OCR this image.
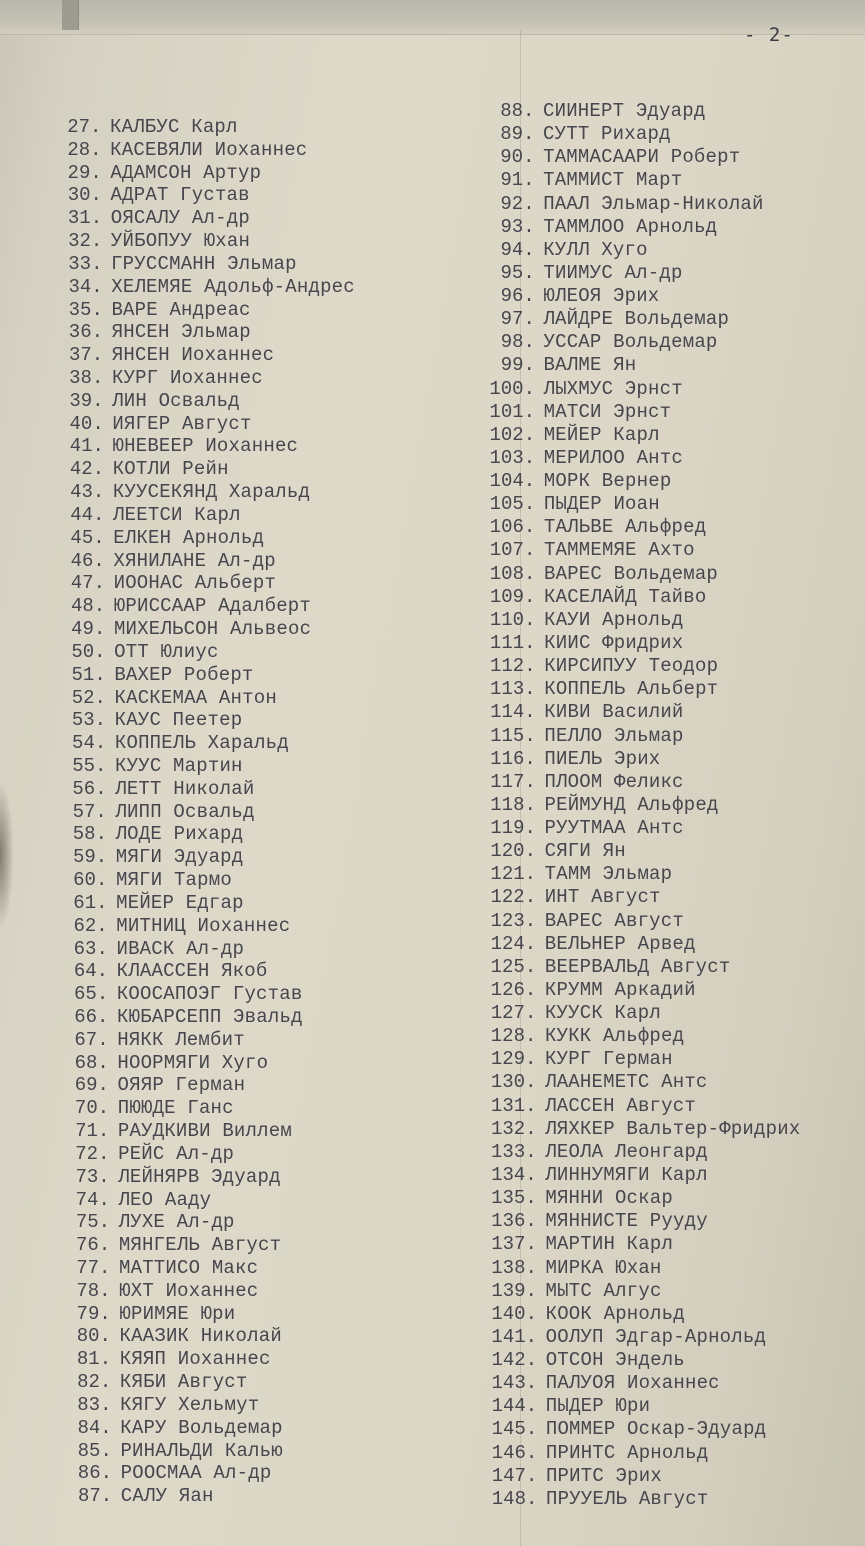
- 2-
27. КАЛБУС Карл
28. КАСЕВЯЛИ Иоханнес
29. АДАМСОН Артур
30. АДРАТ Густав
31. ОЯСАЛУ Ал-др
32. УЙБОПУУ Юхан
33. ГРУССМАНН Эльмар
34. ХЕЛЕМЯЕ Адольф-Андрес
35. ВАРЕ Андреас
36. ЯНСЕН Эльмар
37. ЯНСЕН Иоханнес
38. КУРГ Иоханнес
39. ЛИН Освальд
40. ИЯГЕР Август
41. ЮНЕВЕЕР Иоханнес
42. КОТЛИ Рейн
43. КУУСЕКЯНД Харальд
44. ЛЕЕТСИ Карл
45. ЕЛКЕН Арнольд
46. ХЯНИЛАНЕ Ал-др
47. ИООНАС Альберт
48. ЮРИССААР Адалберт
49. МИХЕЛЬСОН Альвеос
50. ОТТ Юлиус
51. ВАХЕР Роберт
52. КАСКЕМАА Антон
53. КАУС Пеетер
54. КОППЕЛЬ Харальд
55. КУУС Мартин
56. ЛЕТТ Николай
57. ЛИПП Освальд
58. ЛОДЕ Рихард
59. МЯГИ Эдуард
60. МЯГИ Тармо
61. МЕЙЕР Едгар
62. МИТНИЦ Иоханнес
63. ИВАСК Ал-др
64. КЛААССЕН Якоб
65. КООСАПОЭГ Густав
66. КЮБАРСЕПП Эвальд
67. НЯКК Лембит
68. НООРМЯГИ Хуго
69. ОЯЯР Герман
70. ПЮЮДЕ Ганс
71. РАУДКИВИ Виллем
72. РЕЙС Ал-др
73. ЛЕЙНЯРВ Эдуард
74. ЛЕО Ааду
75. ЛУХЕ Ал-др
76. МЯНГЕЛЬ Август
77. МАТТИСО Макс
78. ЮХТ Иоханнес
79. ЮРИМЯЕ Юри
80. КААЗИК Николай
81. КЯЯП Иоханнес
82. КЯБИ Август
83. КЯГУ Хельмут
84. КАРУ Вольдемар
85. РИНАЛЬДИ Калью
86. РООСМАА Ал-др
87. САЛУ Яан
88. СИИНЕРТ Эдуард
89. СУТТ Рихард
90. ТАММАСААРИ Роберт
91. ТАММИСТ Март
92. ПААЛ Эльмар-Николай
93. ТАММЛОО Арнольд
94. КУЛЛ Хуго
95. ТИИМУС Ал-др
96. ЮЛЕОЯ Эрих
97. ЛАЙДРЕ Вольдемар
98. УССАР Вольдемар
99. ВАЛМЕ Ян
100. ЛЫХМУС Эрнст
101. МАТСИ Эрнст
102. МЕЙЕР Карл
103. МЕРИЛОО Антс
104. МОРК Вернер
105. ПЫДЕР Иоан
106. ТАЛЬВЕ Альфред
107. ТАММЕМЯЕ Ахто
108. ВАРЕС Вольдемар
109. КАСЕЛАЙД Тайво
110. КАУИ Арнольд
111. КИИС Фридрих
112. КИРСИПУУ Теодор
113. КОППЕЛЬ Альберт
114. КИВИ Василий
115. ПЕЛЛО Эльмар
116. ПИЕЛЬ Эрих
117. ПЛООМ Феликс
118. РЕЙМУНД Альфред
119. РУУТМАА Антс
120. СЯГИ Ян
121. ТАММ Эльмар
122. ИНТ Август
123. ВАРЕС Август
124. ВЕЛЬНЕР Арвед
125. ВЕЕРВАЛЬД Август
126. КРУММ Аркадий
127. КУУСК Карл
128. КУКК Альфред
129. КУРГ Герман
130. ЛААНЕМЕТС Антс
131. ЛАССЕН Август
132. ЛЯХКЕР Вальтер-Фридрих
133. ЛЕОЛА Леонгард
134. ЛИННУМЯГИ Карл
135. МЯННИ Оскар
136. МЯННИСТЕ Рууду
137. МАРТИН Карл
138. МИРКА Юхан
139. МЫТС Алгус
140. КООК Арнольд
141. ООЛУП Эдгар-Арнольд
142. ОТСОН Эндель
143. ПАЛУОЯ Иоханнес
144. ПЫДЕР Юри
145. ПОММЕР Оскар-Эдуард
146. ПРИНТС Арнольд
147. ПРИТС Эрих
148. ПРУУЕЛЬ Август
